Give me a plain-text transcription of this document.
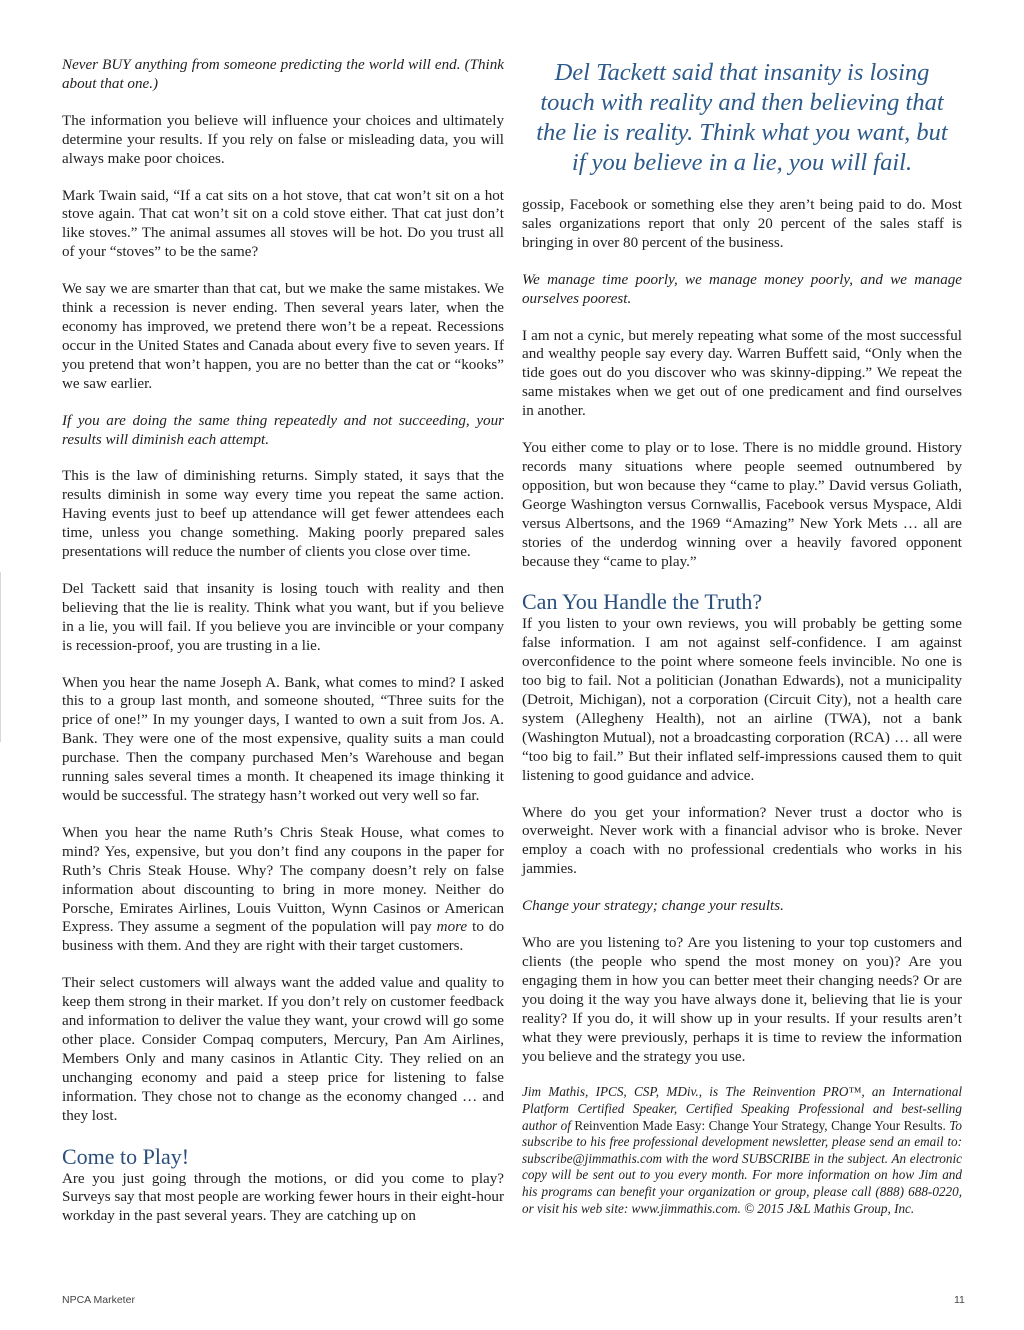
Never BUY anything from someone predicting the world will end. (Think about that one.)

The information you believe will influence your choices and ultimately determine your results. If you rely on false or misleading data, you will always make poor choices.

Mark Twain said, “If a cat sits on a hot stove, that cat won’t sit on a hot stove again. That cat won’t sit on a cold stove either. That cat just don’t like stoves.” The animal assumes all stoves will be hot. Do you trust all of your “stoves” to be the same?

We say we are smarter than that cat, but we make the same mistakes. We think a recession is never ending. Then several years later, when the economy has improved, we pretend there won’t be a repeat. Recessions occur in the United States and Canada about every five to seven years. If you pretend that won’t happen, you are no better than the cat or “kooks” we saw earlier.

If you are doing the same thing repeatedly and not succeeding, your results will diminish each attempt.

This is the law of diminishing returns. Simply stated, it says that the results diminish in some way every time you repeat the same action. Having events just to beef up attendance will get fewer attendees each time, unless you change something. Making poorly prepared sales presentations will reduce the number of clients you close over time.

Del Tackett said that insanity is losing touch with reality and then believing that the lie is reality. Think what you want, but if you believe in a lie, you will fail. If you believe you are invincible or your company is recession-proof, you are trusting in a lie.

When you hear the name Joseph A. Bank, what comes to mind? I asked this to a group last month, and someone shouted, “Three suits for the price of one!” In my younger days, I wanted to own a suit from Jos. A. Bank. They were one of the most expensive, quality suits a man could purchase. Then the company purchased Men’s Warehouse and began running sales several times a month. It cheapened its image thinking it would be successful. The strategy hasn’t worked out very well so far.

When you hear the name Ruth’s Chris Steak House, what comes to mind? Yes, expensive, but you don’t find any coupons in the paper for Ruth’s Chris Steak House. Why? The company doesn’t rely on false information about discounting to bring in more money. Neither do Porsche, Emirates Airlines, Louis Vuitton, Wynn Casinos or American Express. They assume a segment of the population will pay more to do business with them. And they are right with their target customers.

Their select customers will always want the added value and quality to keep them strong in their market. If you don’t rely on customer feedback and information to deliver the value they want, your crowd will go some other place. Consider Compaq computers, Mercury, Pan Am Airlines, Members Only and many casinos in Atlantic City. They relied on an unchanging economy and paid a steep price for listening to false information. They chose not to change as the economy changed … and they lost.

Come to Play!

Are you just going through the motions, or did you come to play? Surveys say that most people are working fewer hours in their eight-hour workday in the past several years. They are catching up on

Del Tackett said that insanity is losing touch with reality and then believing that the lie is reality. Think what you want, but if you believe in a lie, you will fail.

gossip, Facebook or something else they aren’t being paid to do. Most sales organizations report that only 20 percent of the sales staff is bringing in over 80 percent of the business.

We manage time poorly, we manage money poorly, and we manage ourselves poorest.

I am not a cynic, but merely repeating what some of the most successful and wealthy people say every day. Warren Buffett said, “Only when the tide goes out do you discover who was skinny-dipping.” We repeat the same mistakes when we get out of one predicament and find ourselves in another.

You either come to play or to lose. There is no middle ground. History records many situations where people seemed outnumbered by opposition, but won because they “came to play.” David versus Goliath, George Washington versus Cornwallis, Facebook versus Myspace, Aldi versus Albertsons, and the 1969 “Amazing” New York Mets … all are stories of the underdog winning over a heavily favored opponent because they “came to play.”

Can You Handle the Truth?

If you listen to your own reviews, you will probably be getting some false information. I am not against self-confidence. I am against overconfidence to the point where someone feels invincible. No one is too big to fail. Not a politician (Jonathan Edwards), not a municipality (Detroit, Michigan), not a corporation (Circuit City), not a health care system (Allegheny Health), not an airline (TWA), not a bank (Washington Mutual), not a broadcasting corporation (RCA) … all were “too big to fail.” But their inflated self-impressions caused them to quit listening to good guidance and advice.

Where do you get your information? Never trust a doctor who is overweight. Never work with a financial advisor who is broke. Never employ a coach with no professional credentials who works in his jammies.

Change your strategy; change your results.

Who are you listening to? Are you listening to your top customers and clients (the people who spend the most money on you)? Are you engaging them in how you can better meet their changing needs? Or are you doing it the way you have always done it, believing that lie is your reality? If you do, it will show up in your results. If your results aren’t what they were previously, perhaps it is time to review the information you believe and the strategy you use.

Jim Mathis, IPCS, CSP, MDiv., is The Reinvention PRO™, an International Platform Certified Speaker, Certified Speaking Professional and best-selling author of Reinvention Made Easy: Change Your Strategy, Change Your Results. To subscribe to his free professional development newsletter, please send an email to: subscribe@jimmathis.com with the word SUBSCRIBE in the subject. An electronic copy will be sent out to you every month. For more information on how Jim and his programs can benefit your organization or group, please call (888) 688-0220, or visit his web site: www.jimmathis.com. © 2015 J&L Mathis Group, Inc.

NPCA Marketer	11
